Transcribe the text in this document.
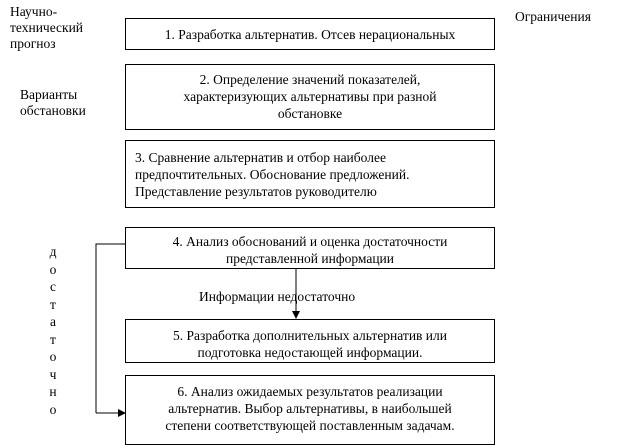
Научно-
технический
прогноз
Варианты
обстановки
Ограничения
д
о
с
т
а
т
о
ч
н
о
1. Разработка альтернатив. Отсев нерациональных
2. Определение значений показателей,
характеризующих альтернативы при разной
обстановке
3. Сравнение альтернатив и отбор наиболее
предпочтительных. Обоснование предложений.
Представление результатов руководителю
4. Анализ обоснований и оценка достаточности
представленной информации
Информации недостаточно
5. Разработка дополнительных альтернатив или
подготовка недостающей информации.
6. Анализ ожидаемых результатов реализации
альтернатив. Выбор альтернативы, в наибольшей
степени соответствующей поставленным задачам.
